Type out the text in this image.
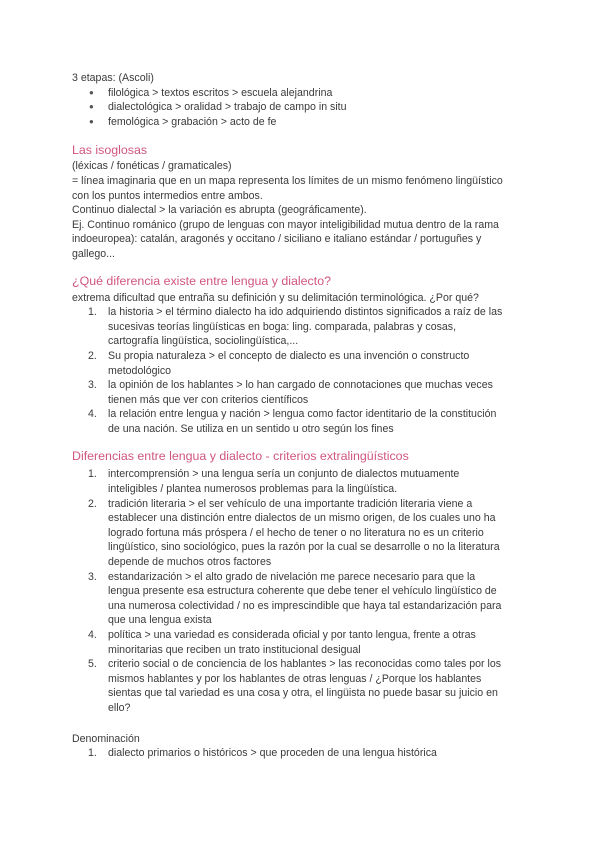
3 etapas: (Ascoli)

● filológica > textos escritos > escuela alejandrina
● dialectológica > oralidad > trabajo de campo in situ
● femológica > grabación > acto de fe

Las isoglosas

(léxicas / fonéticas / gramaticales)

= línea imaginaria que en un mapa representa los límites de un mismo fenómeno lingüístico

con los puntos intermedios entre ambos.

Continuo dialectal > la variación es abrupta (geográficamente).

Ej. Continuo románico (grupo de lenguas con mayor inteligibilidad mutua dentro de la rama

indoeuropea): catalán, aragonés y occitano / siciliano e italiano estándar / portuguñes y

gallego...

¿Qué diferencia existe entre lengua y dialecto?

extrema dificultad que entraña su definición y su delimitación terminológica. ¿Por qué?

1. la historia > el término dialecto ha ido adquiriendo distintos significados a raíz de las

sucesivas teorías lingüísticas en boga: ling. comparada, palabras y cosas,

cartografía lingüística, sociolingüística,...

2. Su propia naturaleza > el concepto de dialecto es una invención o constructo

metodológico

3. la opinión de los hablantes > lo han cargado de connotaciones que muchas veces

tienen más que ver con criterios científicos

4. la relación entre lengua y nación > lengua como factor identitario de la constitución

de una nación. Se utiliza en un sentido u otro según los fines

Diferencias entre lengua y dialecto - criterios extralingüísticos

1. intercomprensión > una lengua sería un conjunto de dialectos mutuamente

inteligibles / plantea numerosos problemas para la lingüística.

2. tradición literaria > el ser vehículo de una importante tradición literaria viene a

establecer una distinción entre dialectos de un mismo origen, de los cuales uno ha

logrado fortuna más próspera / el hecho de tener o no literatura no es un criterio

lingüístico, sino sociológico, pues la razón por la cual se desarrolle o no la literatura

depende de muchos otros factores

3. estandarización > el alto grado de nivelación me parece necesario para que la

lengua presente esa estructura coherente que debe tener el vehículo lingüístico de

una numerosa colectividad / no es imprescindible que haya tal estandarización para

que una lengua exista

4. política > una variedad es considerada oficial y por tanto lengua, frente a otras

minoritarias que reciben un trato institucional desigual

5. criterio social o de conciencia de los hablantes > las reconocidas como tales por los

mismos hablantes y por los hablantes de otras lenguas / ¿Porque los hablantes

sientas que tal variedad es una cosa y otra, el lingüista no puede basar su juicio en

ello?

Denominación

1. dialecto primarios o históricos > que proceden de una lengua histórica
